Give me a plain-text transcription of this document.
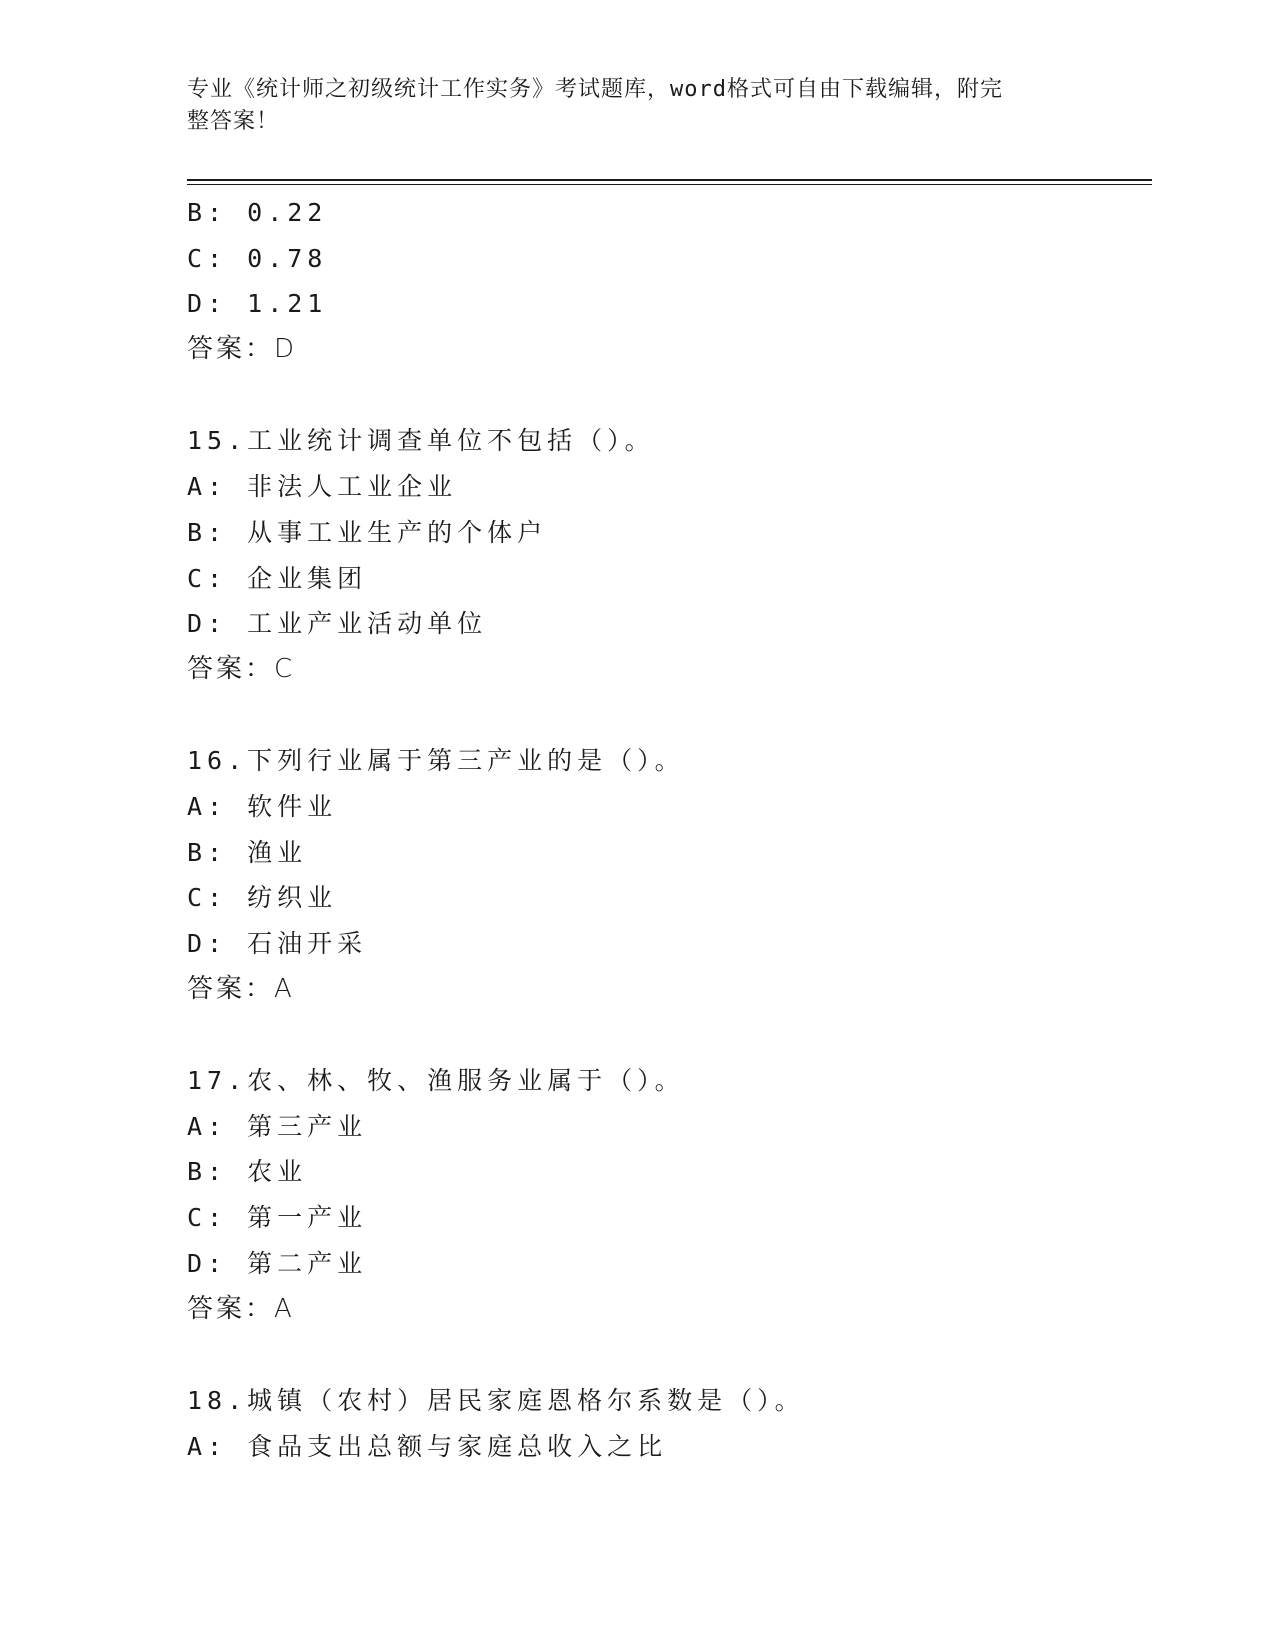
专业《统计师之初级统计工作实务》考试题库，word格式可自由下载编辑，附完
整答案！
B: 0.22
C: 0.78
D: 1.21
答案：D
15.工业统计调查单位不包括（）。
A: 非法人工业企业
B: 从事工业生产的个体户
C: 企业集团
D: 工业产业活动单位
答案：C
16.下列行业属于第三产业的是（）。
A: 软件业
B: 渔业
C: 纺织业
D: 石油开采
答案：A
17.农、林、牧、渔服务业属于（）。
A: 第三产业
B: 农业
C: 第一产业
D: 第二产业
答案：A
18.城镇（农村）居民家庭恩格尔系数是（）。
A: 食品支出总额与家庭总收入之比
